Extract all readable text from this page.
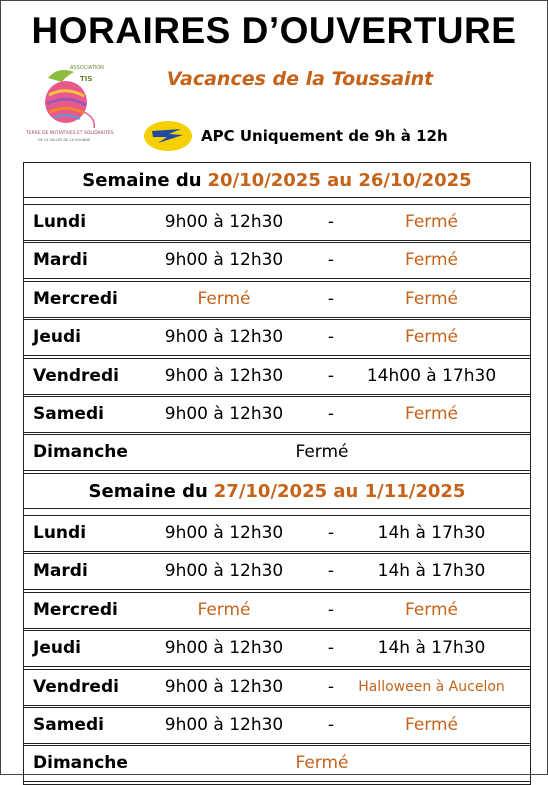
HORAIRES D’OUVERTURE
ASSOCIATION
TIS
TERRE DE INITIATIVES ET SOLIDARITÉS
DE LA VALLÉE DE LA ROANNE
Vacances de la Toussaint
APC Uniquement de 9h à 12h
Semaine du 20/10/2025 au 26/10/2025
Lundi	9h00 à 12h30	-	Fermé
Mardi	9h00 à 12h30	-	Fermé
Mercredi	Fermé	-	Fermé
Jeudi	9h00 à 12h30	-	Fermé
Vendredi	9h00 à 12h30	-	14h00 à 17h30
Samedi	9h00 à 12h30	-	Fermé
Dimanche	Fermé
Semaine du 27/10/2025 au 1/11/2025
Lundi	9h00 à 12h30	-	14h à 17h30
Mardi	9h00 à 12h30	-	14h à 17h30
Mercredi	Fermé	-	Fermé
Jeudi	9h00 à 12h30	-	14h à 17h30
Vendredi	9h00 à 12h30	-	Halloween à Aucelon
Samedi	9h00 à 12h30	-	Fermé
Dimanche	Fermé
